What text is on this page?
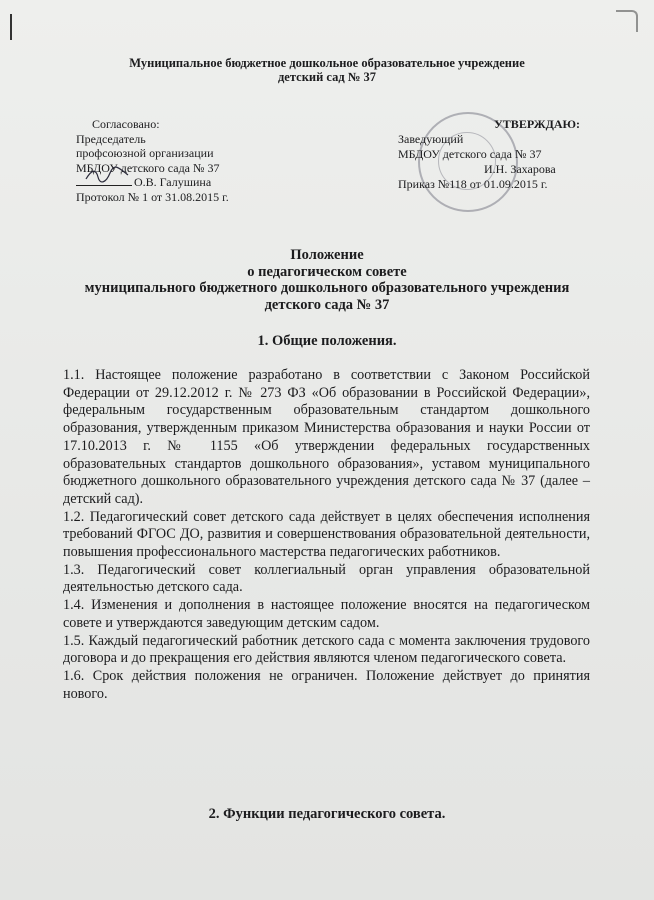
Муниципальное бюджетное дошкольное образовательное учреждение
детский сад № 37
Согласовано:
Председатель
профсоюзной организации
МБДОУ детского сада № 37
О.В. Галушина
Протокол № 1 от 31.08.2015 г.
УТВЕРЖДАЮ:
Заведующий
МБДОУ детского сада № 37
И.Н. Захарова
Приказ №118 от 01.09.2015 г.
Положение
о педагогическом совете
муниципального бюджетного дошкольного образовательного учреждения
детского сада № 37
1. Общие положения.

1.1. Настоящее положение разработано в соответствии с Законом Российской Федерации от 29.12.2012 г. № 273 ФЗ «Об образовании в Российской Федерации», федеральным государственным образовательным стандартом дошкольного образования, утвержденным приказом Министерства образования и науки России от 17.10.2013 г. № 1155 «Об утверждении федеральных государственных образовательных стандартов дошкольного образования», уставом муниципального бюджетного дошкольного образовательного учреждения детского сада № 37 (далее – детский сад).

1.2. Педагогический совет детского сада действует в целях обеспечения исполнения требований ФГОС ДО, развития и совершенствования образовательной деятельности, повышения профессионального мастерства педагогических работников.

1.3. Педагогический совет коллегиальный орган управления образовательной деятельностью детского сада.

1.4. Изменения и дополнения в настоящее положение вносятся на педагогическом совете и утверждаются заведующим детским садом.

1.5. Каждый педагогический работник детского сада с момента заключения трудового договора и до прекращения его действия являются членом педагогического совета.

1.6. Срок действия положения не ограничен. Положение действует до принятия нового.

2. Функции педагогического совета.
